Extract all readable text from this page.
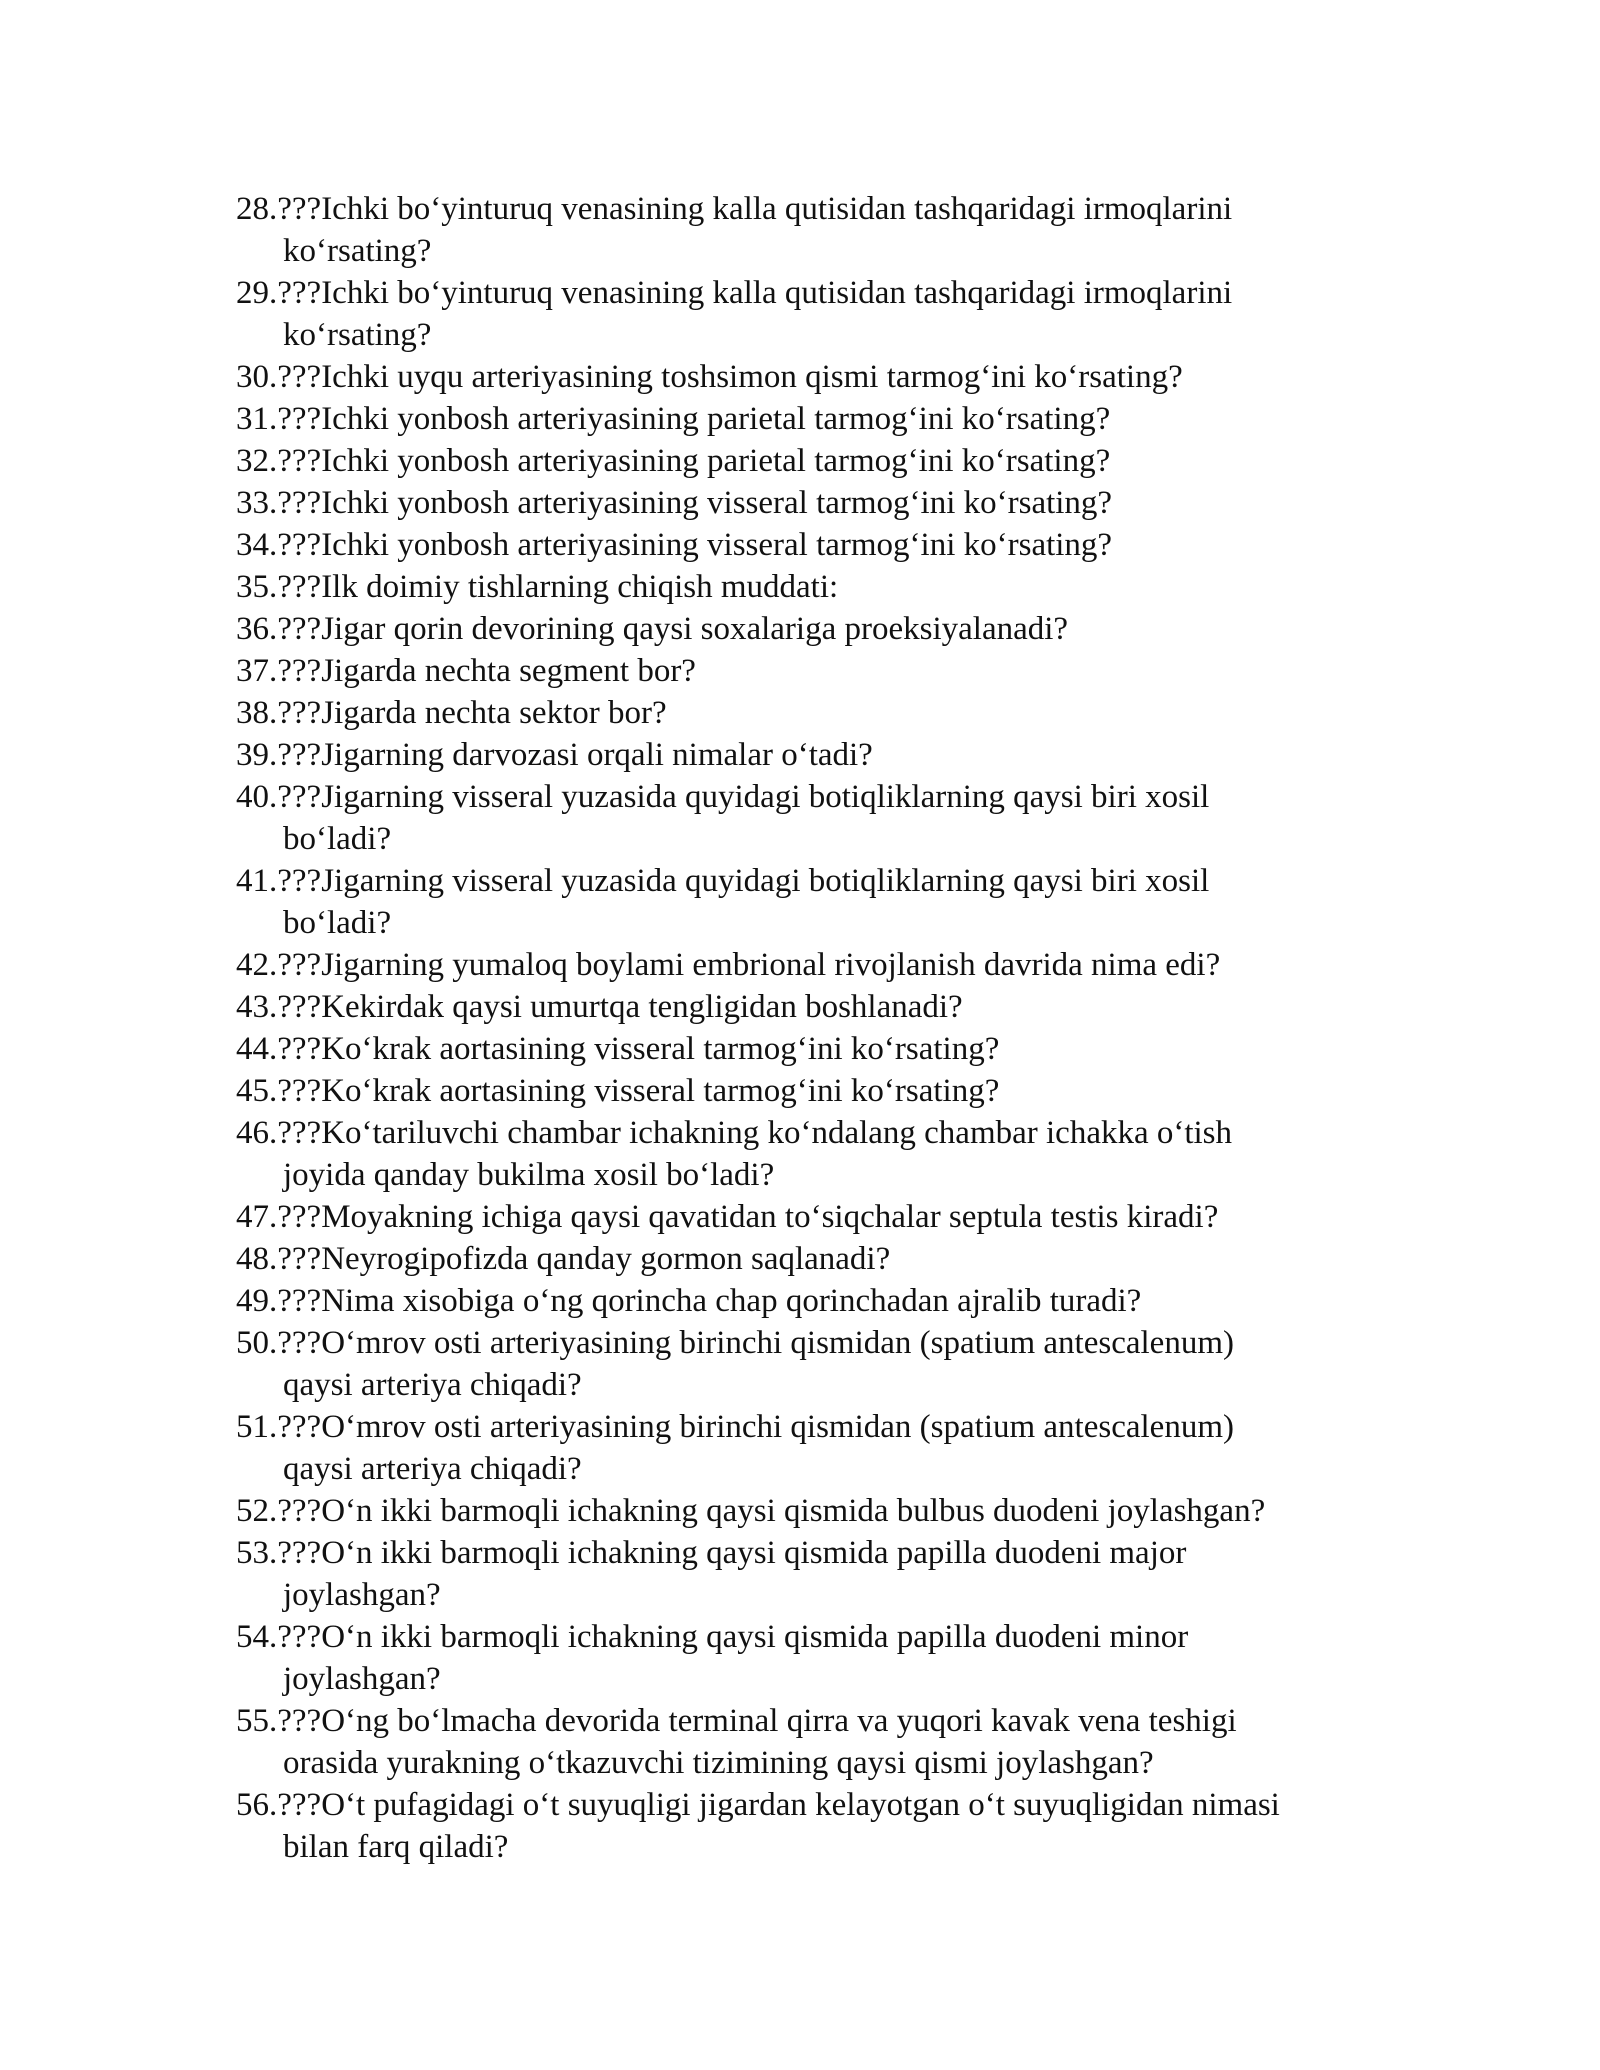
28.???Ichki bo‘yinturuq venasining kalla qutisidan tashqaridagi irmoqlarini
ko‘rsating?
29.???Ichki bo‘yinturuq venasining kalla qutisidan tashqaridagi irmoqlarini
ko‘rsating?
30.???Ichki uyqu arteriyasining toshsimon qismi tarmog‘ini ko‘rsating?
31.???Ichki yonbosh arteriyasining parietal tarmog‘ini ko‘rsating?
32.???Ichki yonbosh arteriyasining parietal tarmog‘ini ko‘rsating?
33.???Ichki yonbosh arteriyasining visseral tarmog‘ini ko‘rsating?
34.???Ichki yonbosh arteriyasining visseral tarmog‘ini ko‘rsating?
35.???Ilk doimiy tishlarning chiqish muddati:
36.???Jigar qorin devorining qaysi soxalariga proeksiyalanadi?
37.???Jigarda nechta segment bor?
38.???Jigarda nechta sektor bor?
39.???Jigarning darvozasi orqali nimalar o‘tadi?
40.???Jigarning visseral yuzasida quyidagi botiqliklarning qaysi biri xosil
bo‘ladi?
41.???Jigarning visseral yuzasida quyidagi botiqliklarning qaysi biri xosil
bo‘ladi?
42.???Jigarning yumaloq boylami embrional rivojlanish davrida nima edi?
43.???Kekirdak qaysi umurtqa tengligidan boshlanadi?
44.???Ko‘krak aortasining visseral tarmog‘ini ko‘rsating?
45.???Ko‘krak aortasining visseral tarmog‘ini ko‘rsating?
46.???Ko‘tariluvchi chambar ichakning ko‘ndalang chambar ichakka o‘tish
joyida qanday bukilma xosil bo‘ladi?
47.???Moyakning ichiga qaysi qavatidan to‘siqchalar septula testis kiradi?
48.???Neyrogipofizda qanday gormon saqlanadi?
49.???Nima xisobiga o‘ng qorincha chap qorinchadan ajralib turadi?
50.???O‘mrov osti arteriyasining birinchi qismidan (spatium antescalenum)
qaysi arteriya chiqadi?
51.???O‘mrov osti arteriyasining birinchi qismidan (spatium antescalenum)
qaysi arteriya chiqadi?
52.???O‘n ikki barmoqli ichakning qaysi qismida bulbus duodeni joylashgan?
53.???O‘n ikki barmoqli ichakning qaysi qismida papilla duodeni major
joylashgan?
54.???O‘n ikki barmoqli ichakning qaysi qismida papilla duodeni minor
joylashgan?
55.???O‘ng bo‘lmacha devorida terminal qirra va yuqori kavak vena teshigi
orasida yurakning o‘tkazuvchi tizimining qaysi qismi joylashgan?
56.???O‘t pufagidagi o‘t suyuqligi jigardan kelayotgan o‘t suyuqligidan nimasi
bilan farq qiladi?
